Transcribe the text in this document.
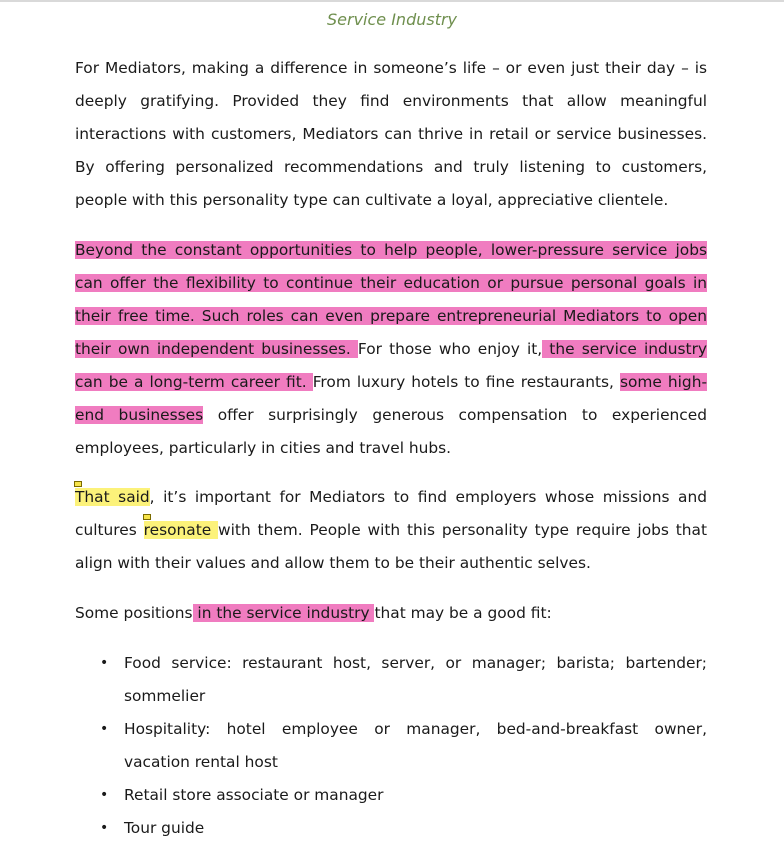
Service Industry

For Mediators, making a difference in someone’s life – or even just their day – is deeply gratifying. Provided they find environments that allow meaningful interactions with customers, Mediators can thrive in retail or service businesses. By offering personalized recommendations and truly listening to customers, people with this personality type can cultivate a loyal, appreciative clientele.

Beyond the constant opportunities to help people, lower-pressure service jobs can offer the flexibility to continue their education or pursue personal goals in their free time. Such roles can even prepare entrepreneurial Mediators to open their own independent businesses. For those who enjoy it, the service industry can be a long-term career fit. From luxury hotels to fine restaurants, some high-end businesses offer surprisingly generous compensation to experienced employees, particularly in cities and travel hubs.

That said, it’s important for Mediators to find employers whose missions and cultures resonate with them. People with this personality type require jobs that align with their values and allow them to be their authentic selves.

Some positions in the service industry that may be a good fit:

• Food service: restaurant host, server, or manager; barista; bartender; sommelier
• Hospitality: hotel employee or manager, bed-and-breakfast owner, vacation rental host
• Retail store associate or manager
• Tour guide
